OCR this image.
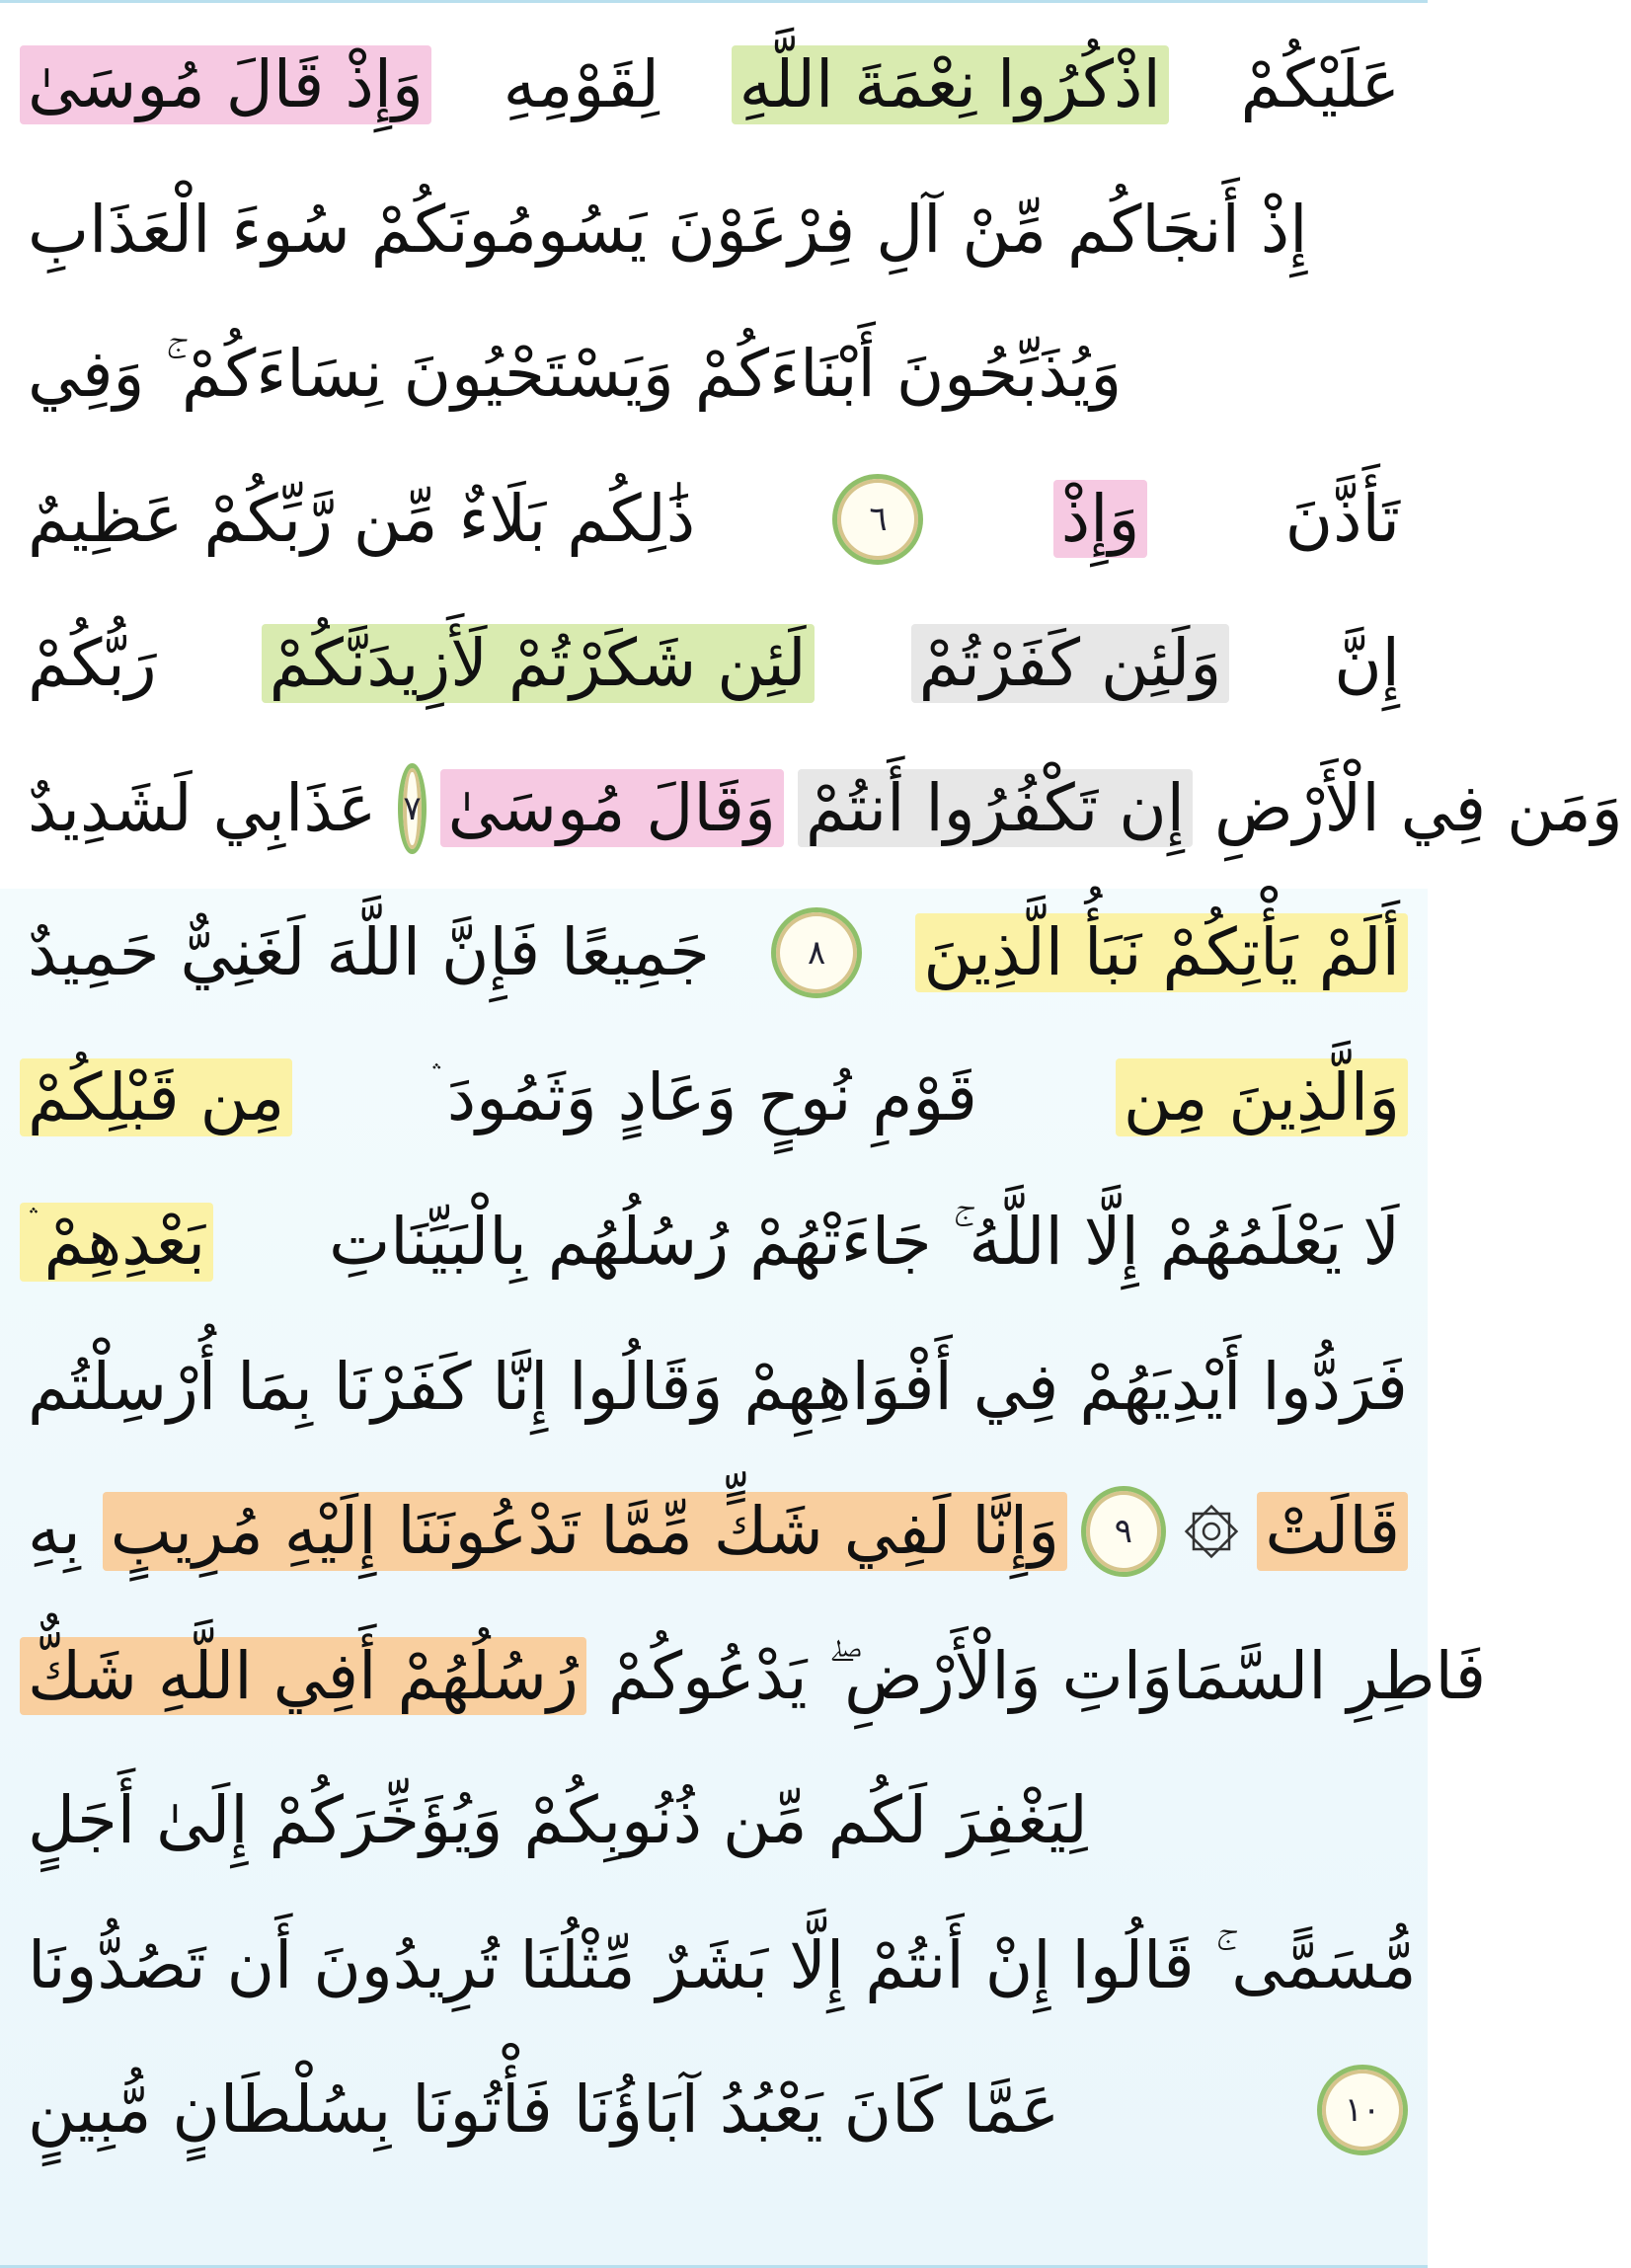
وَإِذْ قَالَ مُوسَىٰ لِقَوْمِهِ اذْكُرُوا نِعْمَةَ اللَّهِ عَلَيْكُمْ
إِذْ أَنجَاكُم مِّنْ آلِ فِرْعَوْنَ يَسُومُونَكُمْ سُوءَ الْعَذَابِ
وَيُذَبِّحُونَ أَبْنَاءَكُمْ وَيَسْتَحْيُونَ نِسَاءَكُمْ ۚ وَفِي
ذَٰلِكُم بَلَاءٌ مِّن رَّبِّكُمْ عَظِيمٌ	٦	وَإِذْ تَأَذَّنَ
رَبُّكُمْ لَئِن شَكَرْتُمْ لَأَزِيدَنَّكُمْ وَلَئِن كَفَرْتُمْ إِنَّ
عَذَابِي لَشَدِيدٌ ٧ وَقَالَ مُوسَىٰ إِن تَكْفُرُوا أَنتُمْ وَمَن فِي الْأَرْضِ
جَمِيعًا فَإِنَّ اللَّهَ لَغَنِيٌّ حَمِيدٌ	٨	أَلَمْ يَأْتِكُمْ نَبَأُ الَّذِينَ
مِن قَبْلِكُمْ قَوْمِ نُوحٍ وَعَادٍ وَثَمُودَ ۛ وَالَّذِينَ مِن
بَعْدِهِمْ ۛ لَا يَعْلَمُهُمْ إِلَّا اللَّهُ ۚ جَاءَتْهُمْ رُسُلُهُم بِالْبَيِّنَاتِ
فَرَدُّوا أَيْدِيَهُمْ فِي أَفْوَاهِهِمْ وَقَالُوا إِنَّا كَفَرْنَا بِمَا أُرْسِلْتُم
بِهِ وَإِنَّا لَفِي شَكٍّ مِّمَّا تَدْعُونَنَا إِلَيْهِ مُرِيبٍ	٩	قَالَتْ
رُسُلُهُمْ أَفِي اللَّهِ شَكٌّ فَاطِرِ السَّمَاوَاتِ وَالْأَرْضِ ۖ يَدْعُوكُمْ
لِيَغْفِرَ لَكُم مِّن ذُنُوبِكُمْ وَيُؤَخِّرَكُمْ إِلَىٰ أَجَلٍ
مُّسَمًّى ۚ قَالُوا إِنْ أَنتُمْ إِلَّا بَشَرٌ مِّثْلُنَا تُرِيدُونَ أَن تَصُدُّونَا
عَمَّا كَانَ يَعْبُدُ آبَاؤُنَا فَأْتُونَا بِسُلْطَانٍ مُّبِينٍ	١٠
